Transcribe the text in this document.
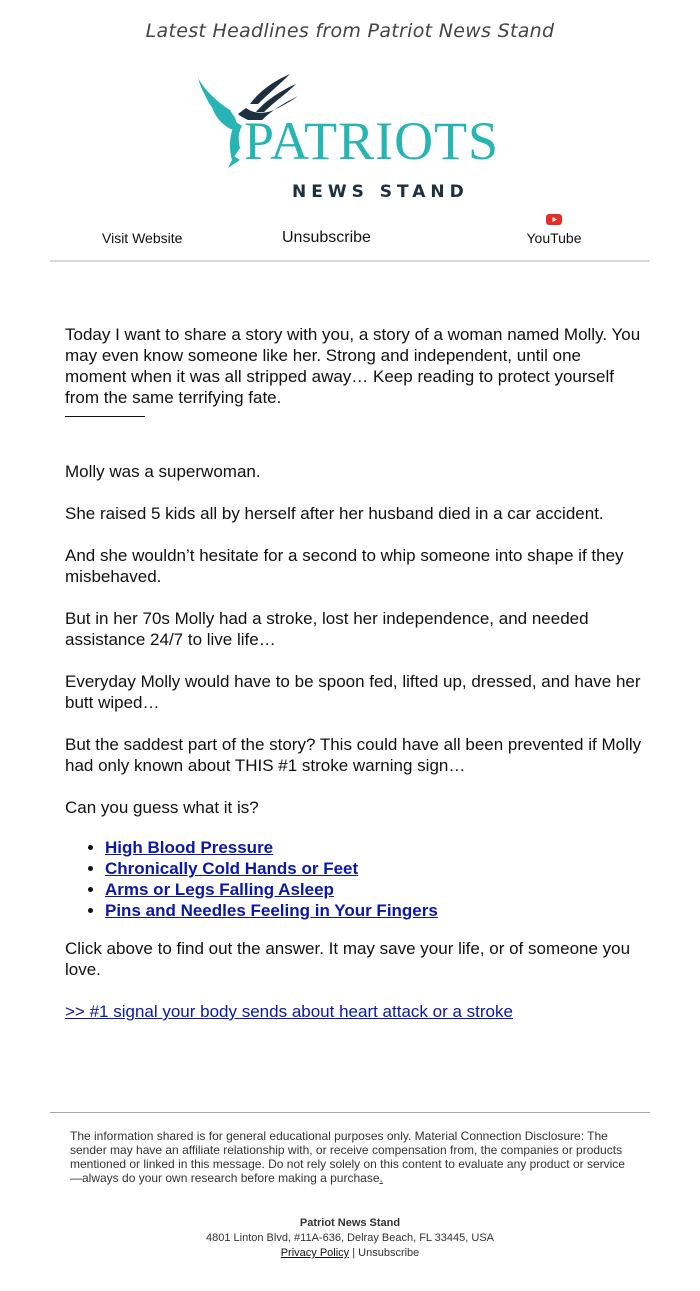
Latest Headlines from Patriot News Stand
PATRIOTS
NEWS STAND
Visit Website	Unsubscribe	YouTube

Today I want to share a story with you, a story of a woman named Molly. You may even know someone like her. Strong and independent, until one moment when it was all stripped away… Keep reading to protect yourself from the same terrifying fate.

Molly was a superwoman.

She raised 5 kids all by herself after her husband died in a car accident.

And she wouldn’t hesitate for a second to whip someone into shape if they misbehaved.

But in her 70s Molly had a stroke, lost her independence, and needed assistance 24/7 to live life…

Everyday Molly would have to be spoon fed, lifted up, dressed, and have her butt wiped…

But the saddest part of the story? This could have all been prevented if Molly had only known about THIS #1 stroke warning sign…

Can you guess what it is?

• High Blood Pressure
• Chronically Cold Hands or Feet
• Arms or Legs Falling Asleep
• Pins and Needles Feeling in Your Fingers

Click above to find out the answer. It may save your life, or of someone you love.

>> #1 signal your body sends about heart attack or a stroke

The information shared is for general educational purposes only. Material Connection Disclosure: The sender may have an affiliate relationship with, or receive compensation from, the companies or products mentioned or linked in this message. Do not rely solely on this content to evaluate any product or service—always do your own research before making a purchase.
Patriot News Stand
4801 Linton Blvd, #11A-636, Delray Beach, FL 33445, USA
Privacy Policy | Unsubscribe
